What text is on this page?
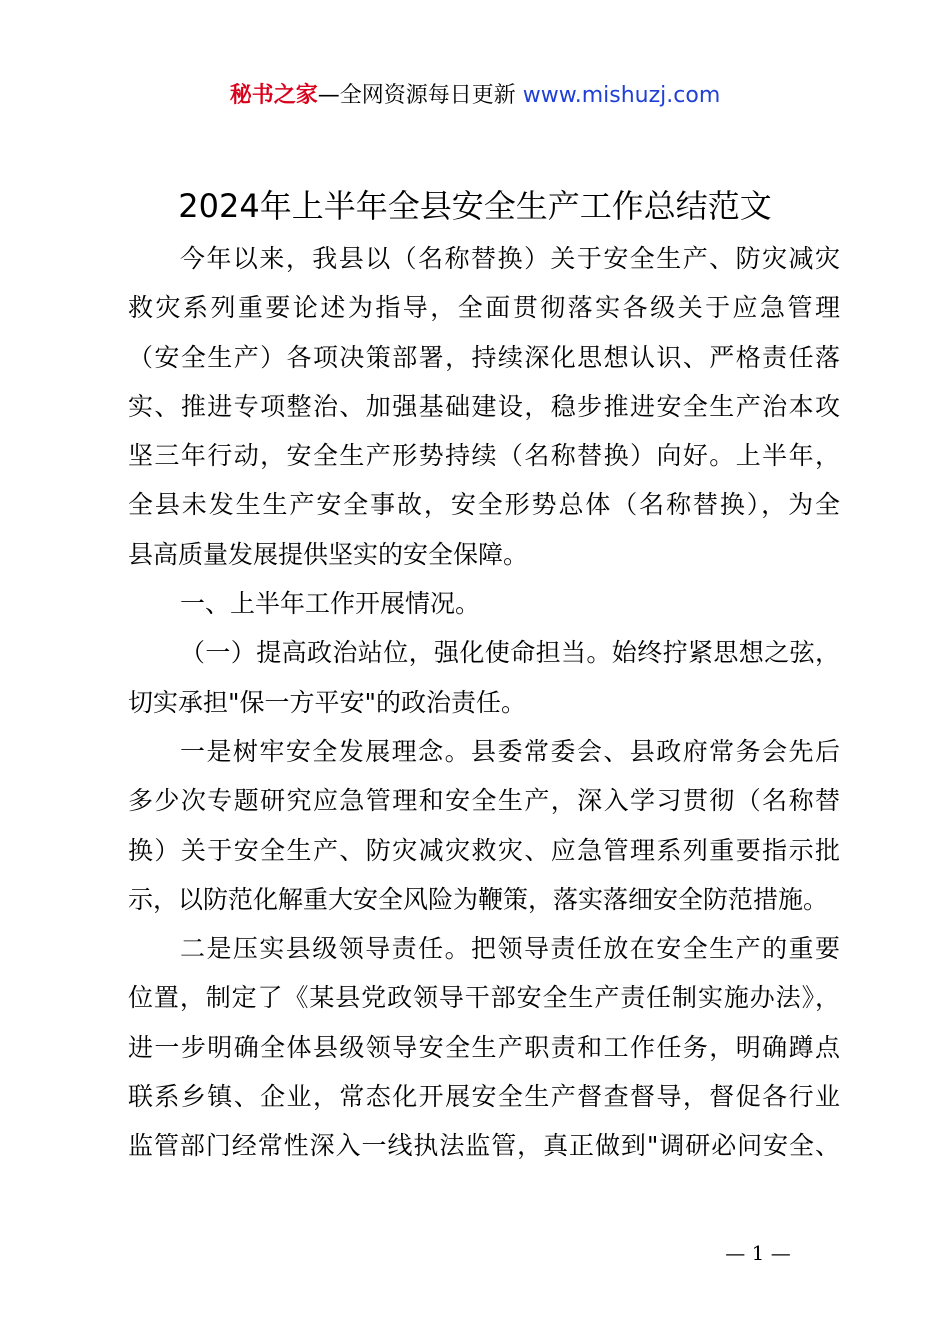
秘书之家—全网资源每日更新 www.mishuzj.com
2024年上半年全县安全生产工作总结范文
今年以来，我县以（名称替换）关于安全生产、防灾减灾
救灾系列重要论述为指导，全面贯彻落实各级关于应急管理
（安全生产）各项决策部署，持续深化思想认识、严格责任落
实、推进专项整治、加强基础建设，稳步推进安全生产治本攻
坚三年行动，安全生产形势持续（名称替换）向好。上半年，
全县未发生生产安全事故，安全形势总体（名称替换），为全
县高质量发展提供坚实的安全保障。
一、上半年工作开展情况。
（一）提高政治站位，强化使命担当。始终拧紧思想之弦，
切实承担"保一方平安"的政治责任。
一是树牢安全发展理念。县委常委会、县政府常务会先后
多少次专题研究应急管理和安全生产，深入学习贯彻（名称替
换）关于安全生产、防灾减灾救灾、应急管理系列重要指示批
示，以防范化解重大安全风险为鞭策，落实落细安全防范措施。
二是压实县级领导责任。把领导责任放在安全生产的重要
位置，制定了《某县党政领导干部安全生产责任制实施办法》，
进一步明确全体县级领导安全生产职责和工作任务，明确蹲点
联系乡镇、企业，常态化开展安全生产督查督导，督促各行业
监管部门经常性深入一线执法监管，真正做到"调研必问安全、
— 1 —
